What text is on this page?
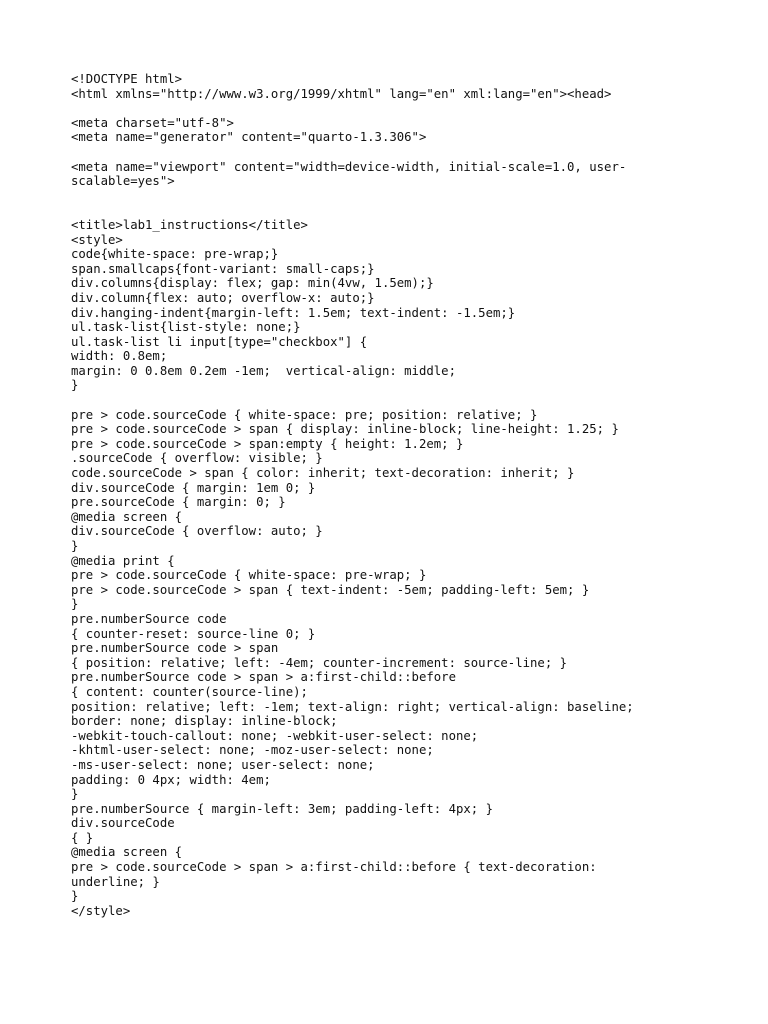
<!DOCTYPE html>
<html xmlns="http://www.w3.org/1999/xhtml" lang="en" xml:lang="en"><head>
<meta charset="utf-8">
<meta name="generator" content="quarto-1.3.306">
<meta name="viewport" content="width=device-width, initial-scale=1.0, user-
scalable=yes">
<title>lab1_instructions</title>
<style>
code{white-space: pre-wrap;}
span.smallcaps{font-variant: small-caps;}
div.columns{display: flex; gap: min(4vw, 1.5em);}
div.column{flex: auto; overflow-x: auto;}
div.hanging-indent{margin-left: 1.5em; text-indent: -1.5em;}
ul.task-list{list-style: none;}
ul.task-list li input[type="checkbox"] {
width: 0.8em;
margin: 0 0.8em 0.2em -1em;  vertical-align: middle;
}
pre > code.sourceCode { white-space: pre; position: relative; }
pre > code.sourceCode > span { display: inline-block; line-height: 1.25; }
pre > code.sourceCode > span:empty { height: 1.2em; }
.sourceCode { overflow: visible; }
code.sourceCode > span { color: inherit; text-decoration: inherit; }
div.sourceCode { margin: 1em 0; }
pre.sourceCode { margin: 0; }
@media screen {
div.sourceCode { overflow: auto; }
}
@media print {
pre > code.sourceCode { white-space: pre-wrap; }
pre > code.sourceCode > span { text-indent: -5em; padding-left: 5em; }
}
pre.numberSource code
{ counter-reset: source-line 0; }
pre.numberSource code > span
{ position: relative; left: -4em; counter-increment: source-line; }
pre.numberSource code > span > a:first-child::before
{ content: counter(source-line);
position: relative; left: -1em; text-align: right; vertical-align: baseline;
border: none; display: inline-block;
-webkit-touch-callout: none; -webkit-user-select: none;
-khtml-user-select: none; -moz-user-select: none;
-ms-user-select: none; user-select: none;
padding: 0 4px; width: 4em;
}
pre.numberSource { margin-left: 3em; padding-left: 4px; }
div.sourceCode
{ }
@media screen {
pre > code.sourceCode > span > a:first-child::before { text-decoration:
underline; }
}
</style>
